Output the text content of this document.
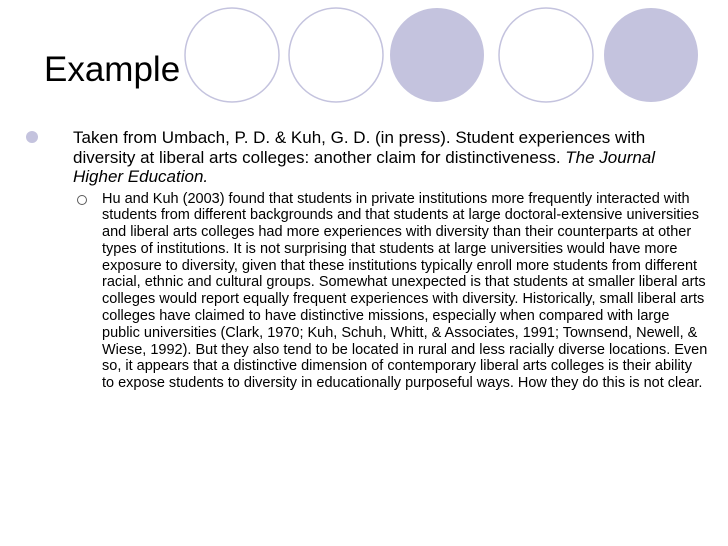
Example
Taken from Umbach, P. D. & Kuh, G. D. (in press). Student experiences with diversity at liberal arts colleges: another claim for distinctiveness. The Journal Higher Education.
Hu and Kuh (2003) found that students in private institutions more frequently interacted with students from different backgrounds and that students at large doctoral-extensive universities and liberal arts colleges had more experiences with diversity than their counterparts at other types of institutions. It is not surprising that students at large universities would have more exposure to diversity, given that these institutions typically enroll more students from different racial, ethnic and cultural groups. Somewhat unexpected is that students at smaller liberal arts colleges would report equally frequent experiences with diversity. Historically, small liberal arts colleges have claimed to have distinctive missions, especially when compared with large public universities (Clark, 1970; Kuh, Schuh, Whitt, & Associates, 1991; Townsend, Newell, & Wiese, 1992). But they also tend to be located in rural and less racially diverse locations. Even so, it appears that a distinctive dimension of contemporary liberal arts colleges is their ability to expose students to diversity in educationally purposeful ways. How they do this is not clear.
